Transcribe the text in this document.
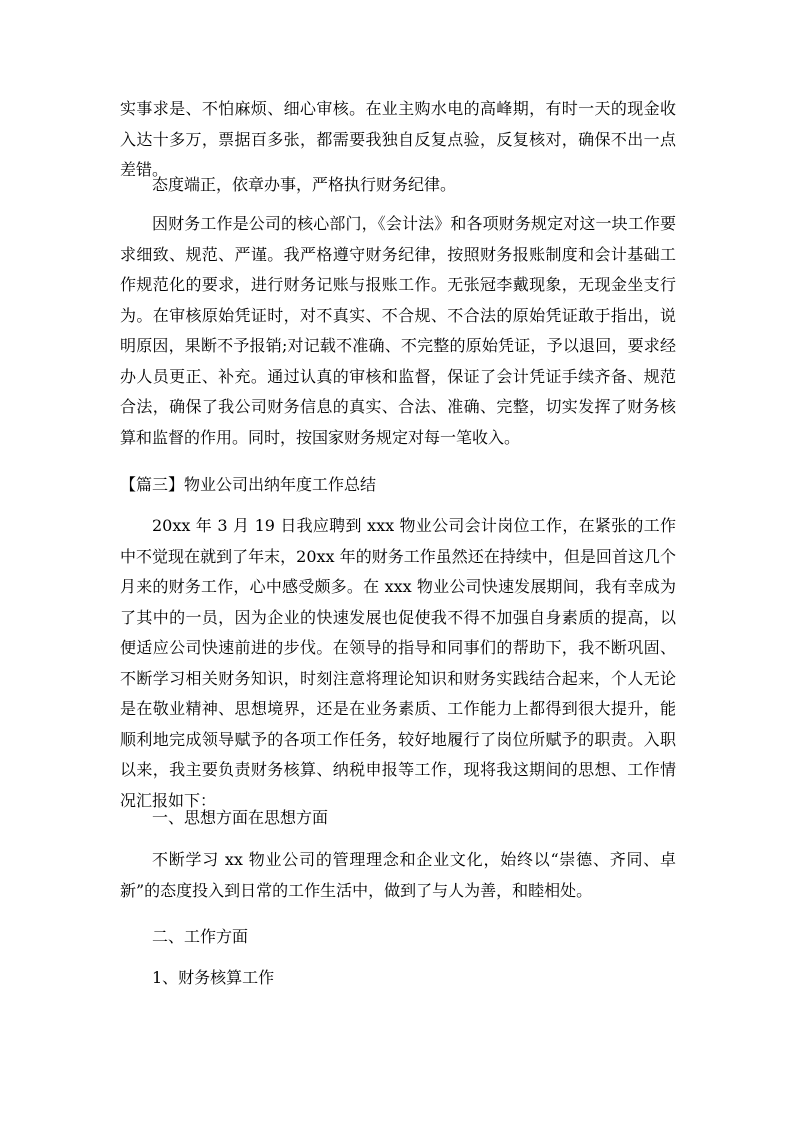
实事求是、不怕麻烦、细心审核。在业主购水电的高峰期，有时一天的现金收入达十多万，票据百多张，都需要我独自反复点验，反复核对，确保不出一点差错。

态度端正，依章办事，严格执行财务纪律。

因财务工作是公司的核心部门，《会计法》和各项财务规定对这一块工作要求细致、规范、严谨。我严格遵守财务纪律，按照财务报账制度和会计基础工作规范化的要求，进行财务记账与报账工作。无张冠李戴现象，无现金坐支行为。在审核原始凭证时，对不真实、不合规、不合法的原始凭证敢于指出，说明原因，果断不予报销;对记载不准确、不完整的原始凭证，予以退回，要求经办人员更正、补充。通过认真的审核和监督，保证了会计凭证手续齐备、规范合法，确保了我公司财务信息的真实、合法、准确、完整，切实发挥了财务核算和监督的作用。同时，按国家财务规定对每一笔收入。

【篇三】物业公司出纳年度工作总结

20xx 年 3 月 19 日我应聘到 xxx 物业公司会计岗位工作，在紧张的工作中不觉现在就到了年末，20xx 年的财务工作虽然还在持续中，但是回首这几个月来的财务工作，心中感受颇多。在 xxx 物业公司快速发展期间，我有幸成为了其中的一员，因为企业的快速发展也促使我不得不加强自身素质的提高，以便适应公司快速前进的步伐。在领导的指导和同事们的帮助下，我不断巩固、不断学习相关财务知识，时刻注意将理论知识和财务实践结合起来，个人无论是在敬业精神、思想境界，还是在业务素质、工作能力上都得到很大提升，能顺利地完成领导赋予的各项工作任务，较好地履行了岗位所赋予的职责。入职以来，我主要负责财务核算、纳税申报等工作，现将我这期间的思想、工作情况汇报如下：

一、思想方面在思想方面

不断学习 xx 物业公司的管理理念和企业文化，始终以“崇德、齐同、卓新”的态度投入到日常的工作生活中，做到了与人为善，和睦相处。

二、工作方面

1、财务核算工作
